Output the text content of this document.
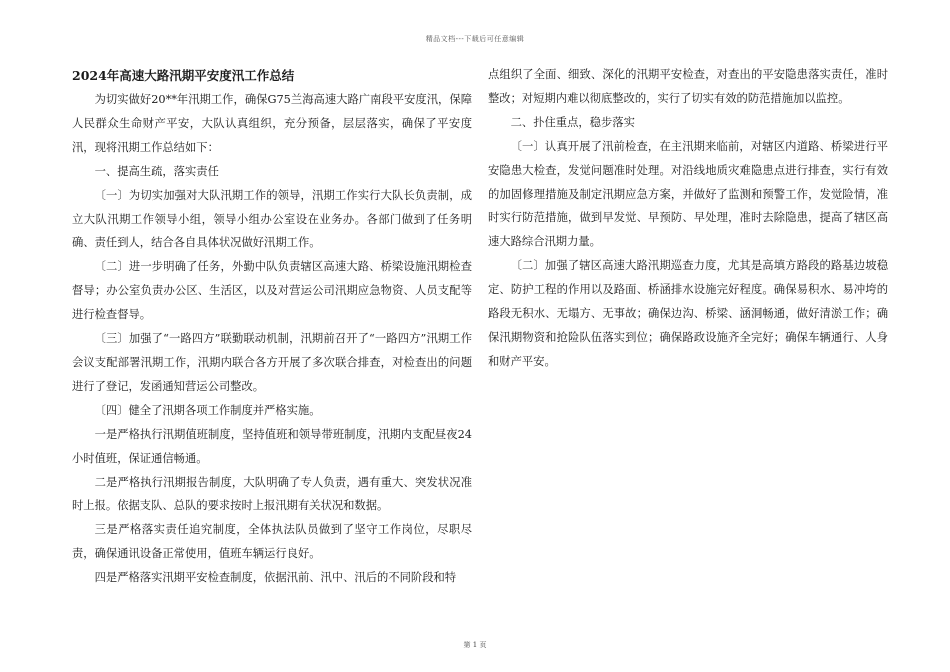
精品文档---下载后可任意编辑
2024年高速大路汛期平安度汛工作总结

为切实做好20**年汛期工作，确保G75兰海高速大路广南段平安度汛，保障人民群众生命财产平安，大队认真组织，充分预备，层层落实，确保了平安度汛，现将汛期工作总结如下：

一、提高生疏，落实责任

〔一〕为切实加强对大队汛期工作的领导，汛期工作实行大队长负责制，成立大队汛期工作领导小组，领导小组办公室设在业务办。各部门做到了任务明确、责任到人，结合各自具体状况做好汛期工作。

〔二〕进一步明确了任务，外勤中队负责辖区高速大路、桥梁设施汛期检查督导；办公室负责办公区、生活区，以及对营运公司汛期应急物资、人员支配等进行检查督导。

〔三〕加强了“一路四方”联勤联动机制，汛期前召开了“一路四方”汛期工作会议支配部署汛期工作，汛期内联合各方开展了多次联合排查，对检查出的问题进行了登记，发函通知营运公司整改。

〔四〕健全了汛期各项工作制度并严格实施。

一是严格执行汛期值班制度，坚持值班和领导带班制度，汛期内支配昼夜24小时值班，保证通信畅通。

二是严格执行汛期报告制度，大队明确了专人负责，遇有重大、突发状况准时上报。依据支队、总队的要求按时上报汛期有关状况和数据。

三是严格落实责任追究制度，全体执法队员做到了坚守工作岗位，尽职尽责，确保通讯设备正常使用，值班车辆运行良好。

四是严格落实汛期平安检查制度，依据汛前、汛中、汛后的不同阶段和特

点组织了全面、细致、深化的汛期平安检查，对查出的平安隐患落实责任，准时整改；对短期内难以彻底整改的，实行了切实有效的防范措施加以监控。

二、扑住重点，稳步落实

〔一〕认真开展了汛前检查，在主汛期来临前，对辖区内道路、桥梁进行平安隐患大检查，发觉问题准时处理。对沿线地质灾难隐患点进行排查，实行有效的加固修理措施及制定汛期应急方案，并做好了监测和预警工作，发觉险情，准时实行防范措施，做到早发觉、早预防、早处理，准时去除隐患，提高了辖区高速大路综合汛期力量。

〔二〕加强了辖区高速大路汛期巡查力度，尤其是高填方路段的路基边坡稳定、防护工程的作用以及路面、桥涵排水设施完好程度。确保易积水、易冲垮的路段无积水、无塌方、无事故；确保边沟、桥梁、涵洞畅通，做好清淤工作；确保汛期物资和抢险队伍落实到位；确保路政设施齐全完好；确保车辆通行、人身和财产平安。

第 1 页
